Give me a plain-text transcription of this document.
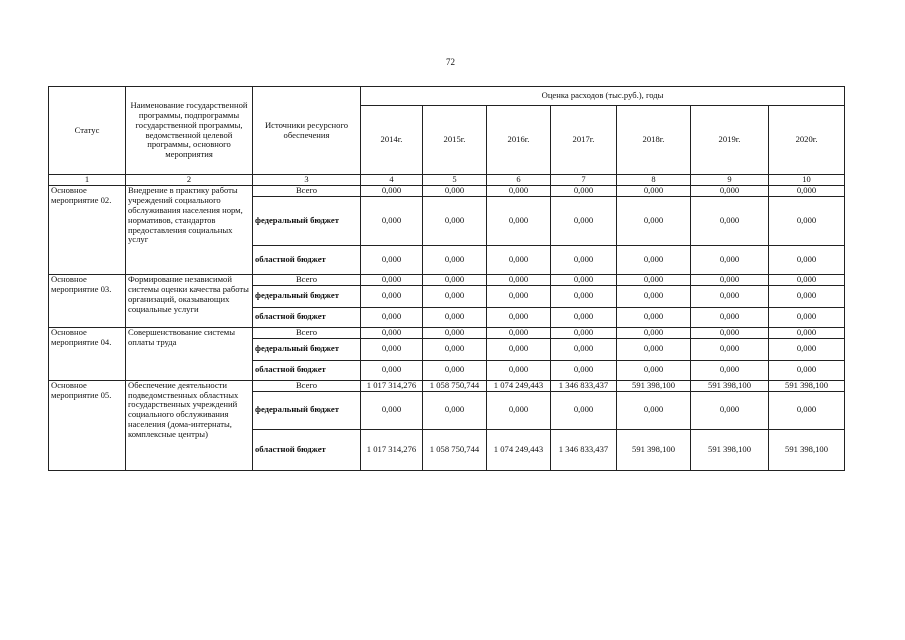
72
Статус	Наименование государственной программы, подпрограммы государственной программы, ведомственной целевой программы, основного мероприятия	Источники ресурсного обеспечения	Оценка расходов (тыс.руб.), годы						
			2014г.	2015г.	2016г.	2017г.	2018г.	2019г.	2020г.
1	2	3	4	5	6	7	8	9	10
Основное мероприятие 02.	Внедрение в практику работы учреждений социального обслуживания населения норм, нормативов, стандартов предоставления социальных услуг	Всего	0,000	0,000	0,000	0,000	0,000	0,000	0,000
		федеральный бюджет	0,000	0,000	0,000	0,000	0,000	0,000	0,000
		областной бюджет	0,000	0,000	0,000	0,000	0,000	0,000	0,000
Основное мероприятие 03.	Формирование независимой системы оценки качества работы организаций, оказывающих социальные услуги	Всего	0,000	0,000	0,000	0,000	0,000	0,000	0,000
		федеральный бюджет	0,000	0,000	0,000	0,000	0,000	0,000	0,000
		областной бюджет	0,000	0,000	0,000	0,000	0,000	0,000	0,000
Основное мероприятие 04.	Совершенствование системы оплаты труда	Всего	0,000	0,000	0,000	0,000	0,000	0,000	0,000
		федеральный бюджет	0,000	0,000	0,000	0,000	0,000	0,000	0,000
		областной бюджет	0,000	0,000	0,000	0,000	0,000	0,000	0,000
Основное мероприятие 05.	Обеспечение деятельности подведомственных областных государственных учреждений социального обслуживания населения (дома-интернаты, комплексные центры)	Всего	1 017 314,276	1 058 750,744	1 074 249,443	1 346 833,437	591 398,100	591 398,100	591 398,100
		федеральный бюджет	0,000	0,000	0,000	0,000	0,000	0,000	0,000
		областной бюджет	1 017 314,276	1 058 750,744	1 074 249,443	1 346 833,437	591 398,100	591 398,100	591 398,100
